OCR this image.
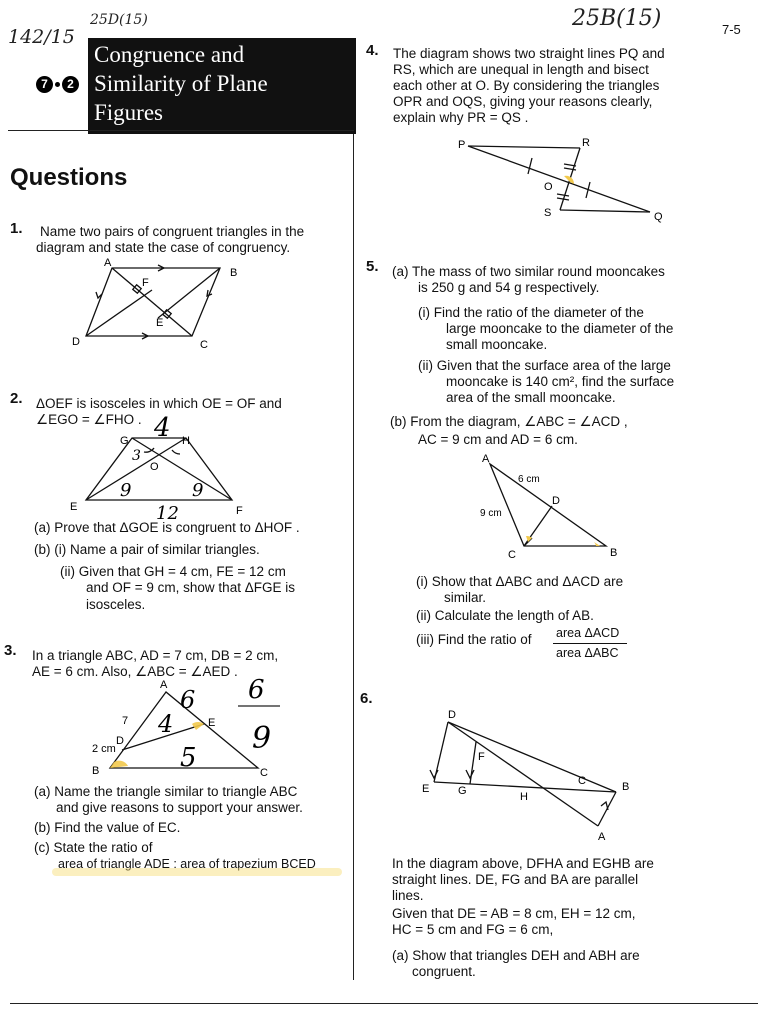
142/15
25D(15)	25B(15)	7-5
7	2
Congruence and
Similarity of Plane
Figures
Questions
1. Name two pairs of congruent triangles in the
diagram and state the case of congruency.
A
B
C
D
E
F
2. ΔOEF is isosceles in which OE = OF and
∠EGO = ∠FHO .
G	H
O
E	F
4
3
9	9
12
(a) Prove that ΔGOE is congruent to ΔHOF .
(b) (i) Name a pair of similar triangles.
(ii) Given that GH = 4 cm, FE = 12 cm
and OF = 9 cm, show that ΔFGE is
isosceles.
3. In a triangle ABC, AD = 7 cm, DB = 2 cm,
AE = 6 cm. Also, ∠ABC = ∠AED .
A
B	C
D
E
7
2 cm
6
4
5
6
9
(a) Name the triangle similar to triangle ABC
and give reasons to support your answer.
(b) Find the value of EC.
(c) State the ratio of
area of triangle ADE : area of trapezium BCED
4. The diagram shows two straight lines PQ and
RS, which are unequal in length and bisect
each other at O. By considering the triangles
OPR and OQS, giving your reasons clearly,
explain why PR = QS .
P	R
O
S	Q
5. (a) The mass of two similar round mooncakes
is 250 g and 54 g respectively.
(i) Find the ratio of the diameter of the
large mooncake to the diameter of the
small mooncake.
(ii) Given that the surface area of the large
mooncake is 140 cm², find the surface
area of the small mooncake.
(b) From the diagram, ∠ABC = ∠ACD ,
AC = 9 cm and AD = 6 cm.
A
6 cm
9 cm
D
C	B
(i) Show that ΔABC and ΔACD are
similar.
(ii) Calculate the length of AB.
(iii) Find the ratio of area ΔACD
area ΔABC
6.
D
F
C	B
E	G	H
A
In the diagram above, DFHA and EGHB are
straight lines. DE, FG and BA are parallel
lines.
Given that DE = AB = 8 cm, EH = 12 cm,
HC = 5 cm and FG = 6 cm,
(a) Show that triangles DEH and ABH are
congruent.
